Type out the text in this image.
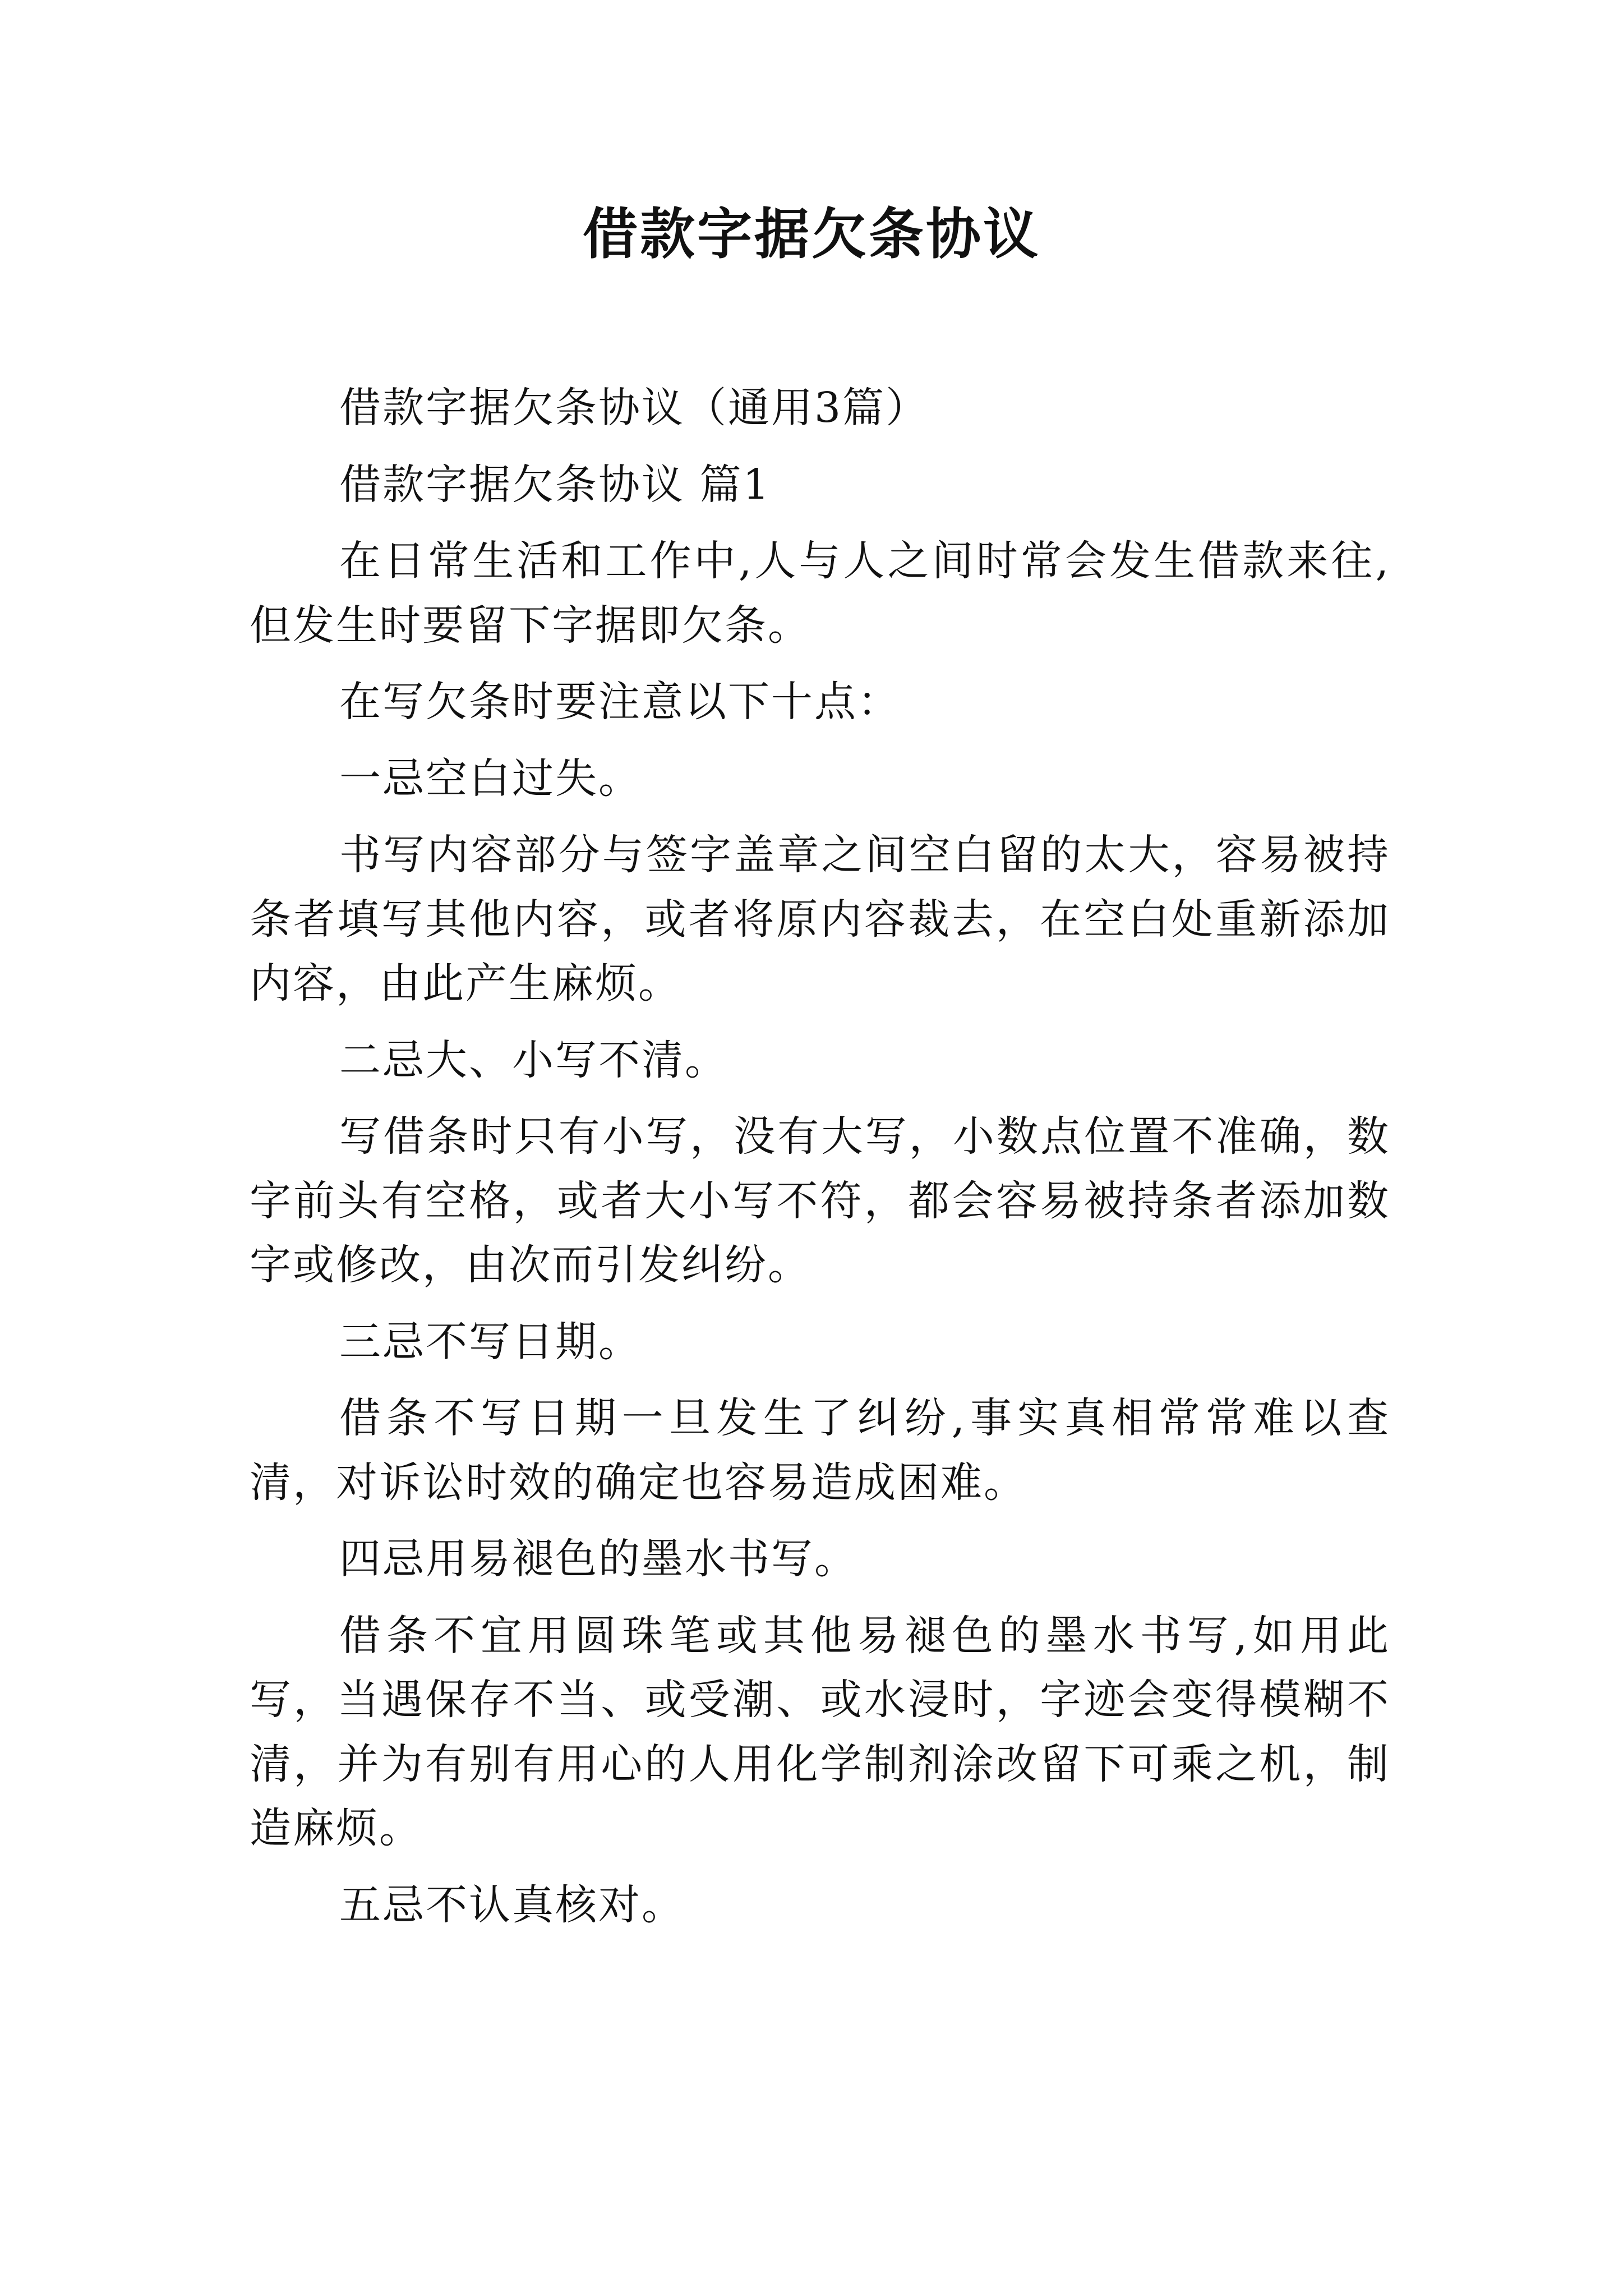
借款字据欠条协议

借款字据欠条协议（通用3篇）

借款字据欠条协议 篇1

在日常生活和工作中,人与人之间时常会发生借款来往,但发生时要留下字据即欠条。

在写欠条时要注意以下十点：

一忌空白过失。

书写内容部分与签字盖章之间空白留的太大，容易被持条者填写其他内容，或者将原内容裁去，在空白处重新添加内容，由此产生麻烦。

二忌大、小写不清。

写借条时只有小写，没有大写，小数点位置不准确，数字前头有空格，或者大小写不符，都会容易被持条者添加数字或修改，由次而引发纠纷。

三忌不写日期。

借条不写日期一旦发生了纠纷,事实真相常常难以查清，对诉讼时效的确定也容易造成困难。

四忌用易褪色的墨水书写。

借条不宜用圆珠笔或其他易褪色的墨水书写,如用此写，当遇保存不当、或受潮、或水浸时，字迹会变得模糊不清，并为有别有用心的人用化学制剂涂改留下可乘之机，制造麻烦。

五忌不认真核对。
